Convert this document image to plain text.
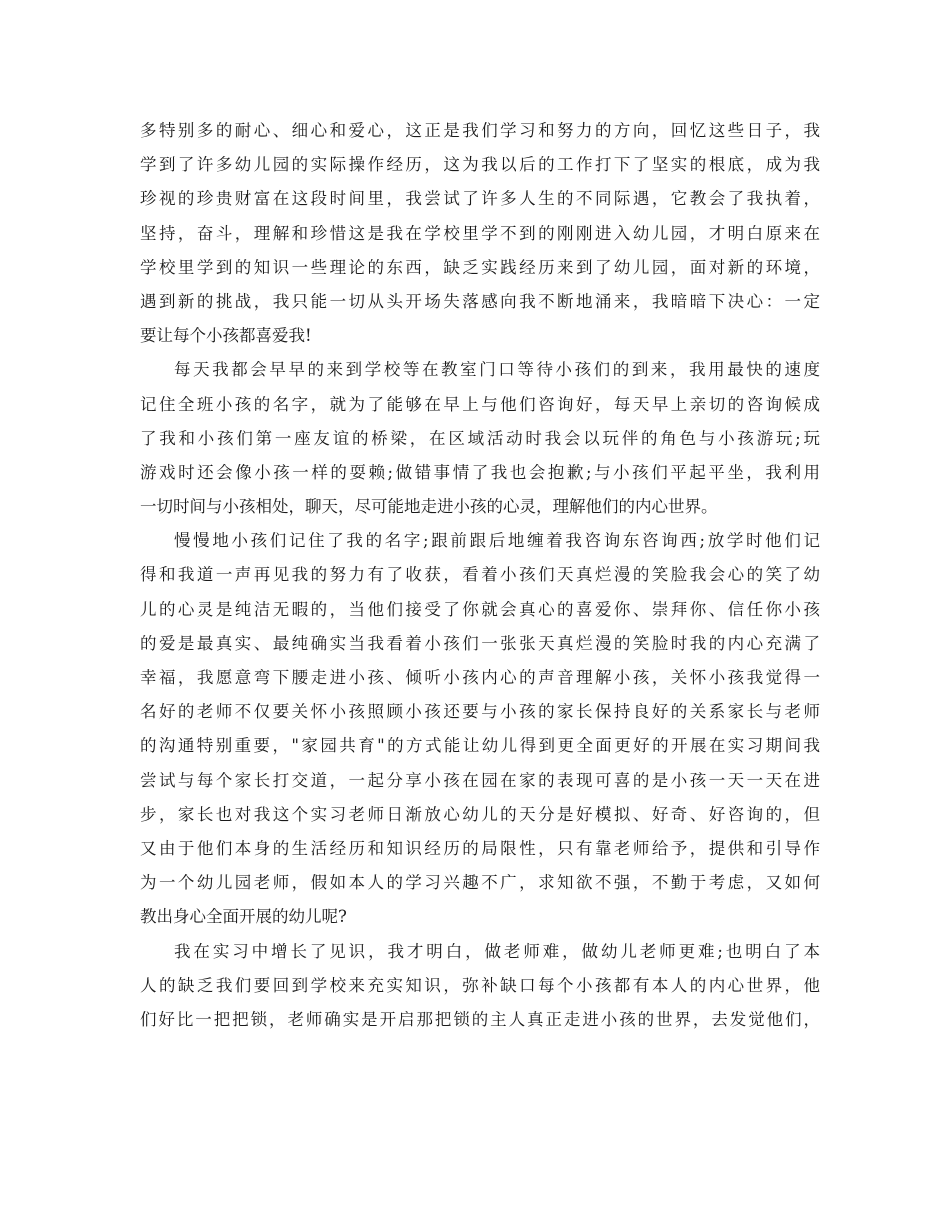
多特别多的耐心、细心和爱心，这正是我们学习和努力的方向，回忆这些日子，我
学到了许多幼儿园的实际操作经历，这为我以后的工作打下了坚实的根底，成为我
珍视的珍贵财富在这段时间里，我尝试了许多人生的不同际遇，它教会了我执着，
坚持，奋斗，理解和珍惜这是我在学校里学不到的刚刚进入幼儿园，才明白原来在
学校里学到的知识一些理论的东西，缺乏实践经历来到了幼儿园，面对新的环境，
遇到新的挑战，我只能一切从头开场失落感向我不断地涌来，我暗暗下决心：一定
要让每个小孩都喜爱我!
每天我都会早早的来到学校等在教室门口等待小孩们的到来，我用最快的速度
记住全班小孩的名字，就为了能够在早上与他们咨询好，每天早上亲切的咨询候成
了我和小孩们第一座友谊的桥梁，在区域活动时我会以玩伴的角色与小孩游玩;玩
游戏时还会像小孩一样的耍赖;做错事情了我也会抱歉;与小孩们平起平坐，我利用
一切时间与小孩相处，聊天，尽可能地走进小孩的心灵，理解他们的内心世界。
慢慢地小孩们记住了我的名字;跟前跟后地缠着我咨询东咨询西;放学时他们记
得和我道一声再见我的努力有了收获，看着小孩们天真烂漫的笑脸我会心的笑了幼
儿的心灵是纯洁无暇的，当他们接受了你就会真心的喜爱你、崇拜你、信任你小孩
的爱是最真实、最纯确实当我看着小孩们一张张天真烂漫的笑脸时我的内心充满了
幸福，我愿意弯下腰走进小孩、倾听小孩内心的声音理解小孩，关怀小孩我觉得一
名好的老师不仅要关怀小孩照顾小孩还要与小孩的家长保持良好的关系家长与老师
的沟通特别重要，"家园共育"的方式能让幼儿得到更全面更好的开展在实习期间我
尝试与每个家长打交道，一起分享小孩在园在家的表现可喜的是小孩一天一天在进
步，家长也对我这个实习老师日渐放心幼儿的天分是好模拟、好奇、好咨询的，但
又由于他们本身的生活经历和知识经历的局限性，只有靠老师给予，提供和引导作
为一个幼儿园老师，假如本人的学习兴趣不广，求知欲不强，不勤于考虑，又如何
教出身心全面开展的幼儿呢?
我在实习中增长了见识，我才明白，做老师难，做幼儿老师更难;也明白了本
人的缺乏我们要回到学校来充实知识，弥补缺口每个小孩都有本人的内心世界，他
们好比一把把锁，老师确实是开启那把锁的主人真正走进小孩的世界，去发觉他们，
